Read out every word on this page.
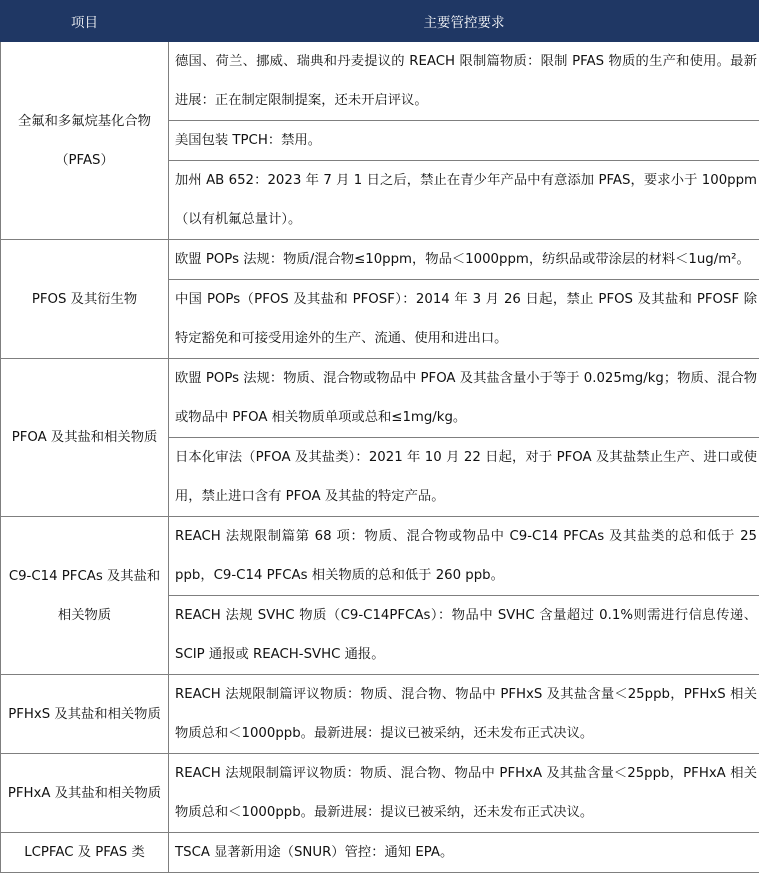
项目	主要管控要求
全氟和多氟烷基化合物（PFAS）	德国、荷兰、挪威、瑞典和丹麦提议的 REACH 限制篇物质：限制 PFAS 物质的生产和使用。最新进展：正在制定限制提案，还未开启评议。
	美国包装 TPCH：禁用。
	加州 AB 652：2023 年 7 月 1 日之后，禁止在青少年产品中有意添加 PFAS，要求小于 100ppm（以有机氟总量计）。
PFOS 及其衍生物	欧盟 POPs 法规：物质/混合物≤10ppm，物品＜1000ppm，纺织品或带涂层的材料＜1ug/m²。
	中国 POPs（PFOS 及其盐和 PFOSF）：2014 年 3 月 26 日起，禁止 PFOS 及其盐和 PFOSF 除特定豁免和可接受用途外的生产、流通、使用和进出口。
PFOA 及其盐和相关物质	欧盟 POPs 法规：物质、混合物或物品中 PFOA 及其盐含量小于等于 0.025mg/kg；物质、混合物或物品中 PFOA 相关物质单项或总和≤1mg/kg。
	日本化审法（PFOA 及其盐类）：2021 年 10 月 22 日起，对于 PFOA 及其盐禁止生产、进口或使用，禁止进口含有 PFOA 及其盐的特定产品。
C9-C14 PFCAs 及其盐和相关物质	REACH 法规限制篇第 68 项：物质、混合物或物品中 C9-C14 PFCAs 及其盐类的总和低于 25 ppb，C9-C14 PFCAs 相关物质的总和低于 260 ppb。
	REACH 法规 SVHC 物质（C9-C14PFCAs）：物品中 SVHC 含量超过 0.1%则需进行信息传递、SCIP 通报或 REACH-SVHC 通报。
PFHxS 及其盐和相关物质	REACH 法规限制篇评议物质：物质、混合物、物品中 PFHxS 及其盐含量＜25ppb，PFHxS 相关物质总和＜1000ppb。最新进展：提议已被采纳，还未发布正式决议。
PFHxA 及其盐和相关物质	REACH 法规限制篇评议物质：物质、混合物、物品中 PFHxA 及其盐含量＜25ppb，PFHxA 相关物质总和＜1000ppb。最新进展：提议已被采纳，还未发布正式决议。
LCPFAC 及 PFAS 类	TSCA 显著新用途（SNUR）管控：通知 EPA。
